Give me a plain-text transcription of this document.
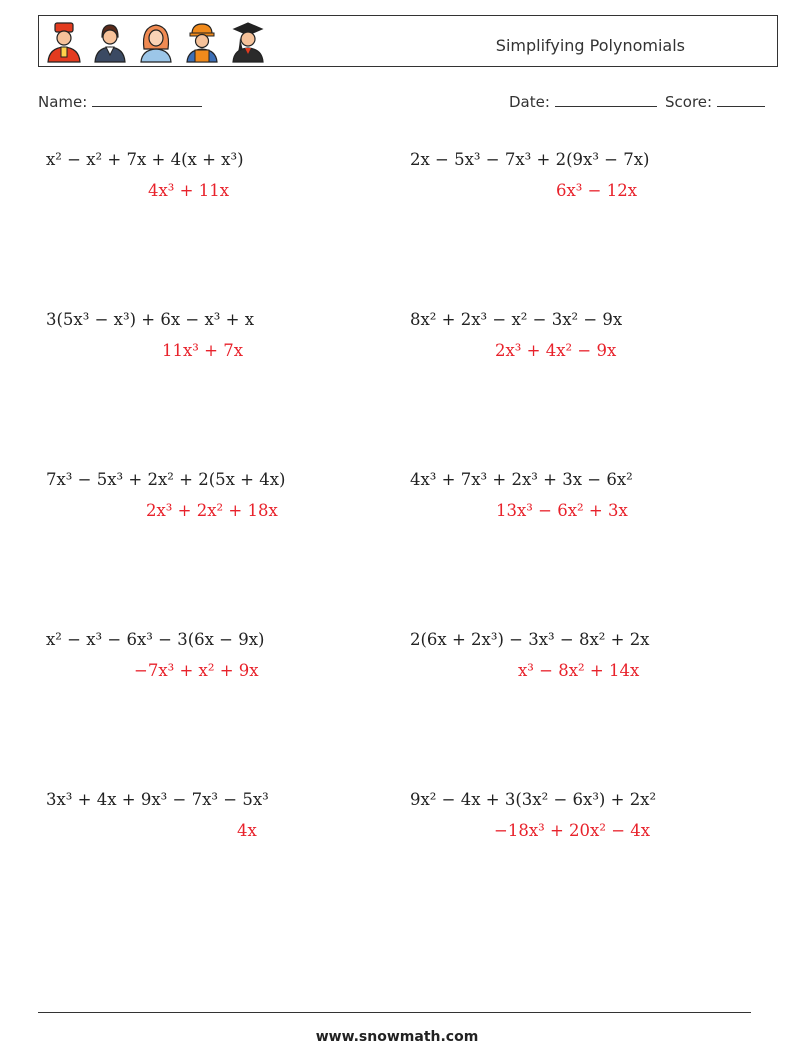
Simplifying Polynomials
Name:	Date:	Score:
x² − x² + 7x + 4(x + x³)
4x³ + 11x
2x − 5x³ − 7x³ + 2(9x³ − 7x)
6x³ − 12x
3(5x³ − x³) + 6x − x³ + x
11x³ + 7x
8x² + 2x³ − x² − 3x² − 9x
2x³ + 4x² − 9x
7x³ − 5x³ + 2x² + 2(5x + 4x)
2x³ + 2x² + 18x
4x³ + 7x³ + 2x³ + 3x − 6x²
13x³ − 6x² + 3x
x² − x³ − 6x³ − 3(6x − 9x)
−7x³ + x² + 9x
2(6x + 2x³) − 3x³ − 8x² + 2x
x³ − 8x² + 14x
3x³ + 4x + 9x³ − 7x³ − 5x³
4x
9x² − 4x + 3(3x² − 6x³) + 2x²
−18x³ + 20x² − 4x
www.snowmath.com
